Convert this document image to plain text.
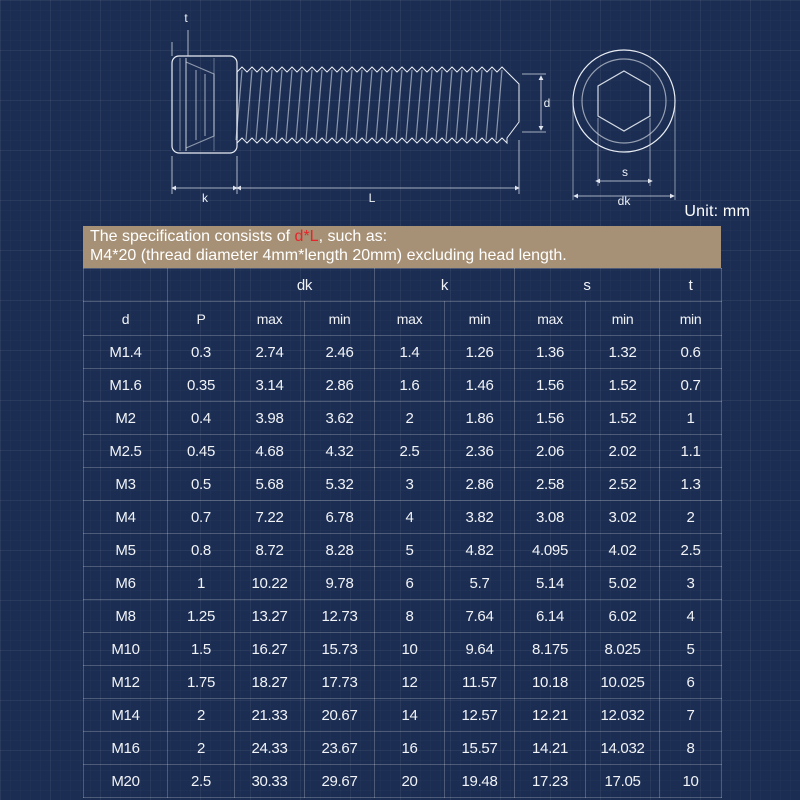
t
k	L
d
s
dk
Unit: mm
The specification consists of d*L, such as:
M4*20 (thread diameter 4mm*length 20mm) excluding head length.
		dk		k		s		t
d	P	max	min	max	min	max	min	min
M1.4	0.3	2.74	2.46	1.4	1.26	1.36	1.32	0.6
M1.6	0.35	3.14	2.86	1.6	1.46	1.56	1.52	0.7
M2	0.4	3.98	3.62	2	1.86	1.56	1.52	1
M2.5	0.45	4.68	4.32	2.5	2.36	2.06	2.02	1.1
M3	0.5	5.68	5.32	3	2.86	2.58	2.52	1.3
M4	0.7	7.22	6.78	4	3.82	3.08	3.02	2
M5	0.8	8.72	8.28	5	4.82	4.095	4.02	2.5
M6	1	10.22	9.78	6	5.7	5.14	5.02	3
M8	1.25	13.27	12.73	8	7.64	6.14	6.02	4
M10	1.5	16.27	15.73	10	9.64	8.175	8.025	5
M12	1.75	18.27	17.73	12	11.57	10.18	10.025	6
M14	2	21.33	20.67	14	12.57	12.21	12.032	7
M16	2	24.33	23.67	16	15.57	14.21	14.032	8
M20	2.5	30.33	29.67	20	19.48	17.23	17.05	10
